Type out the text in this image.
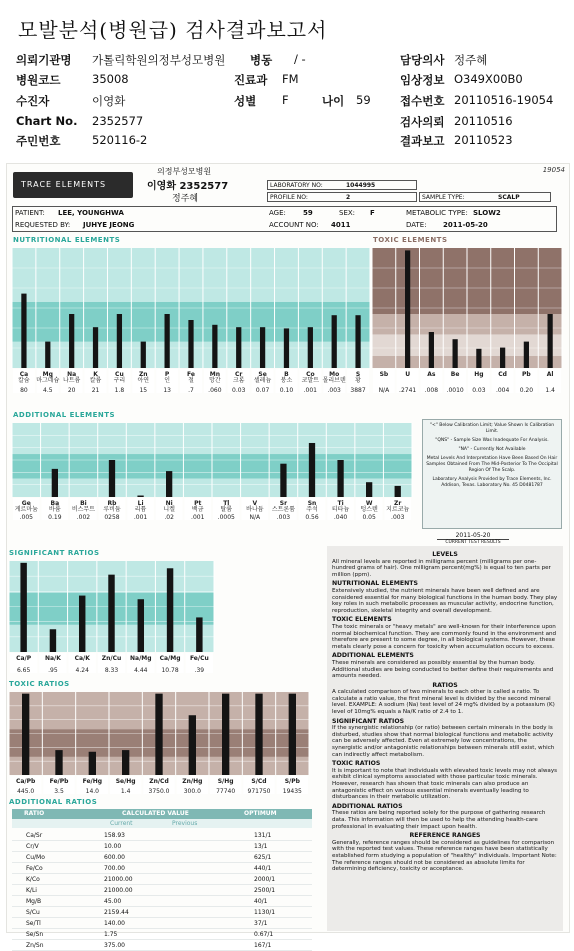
모발분석(병원급) 검사결과보고서
의뢰기관명 가톨릭학원의정부성모병원 병동 / -	담당의사 정주혜
병원코드	35008	진료과 FM	임상정보 O349X00B0
수진자	이영화	성별 F	나이 59	접수번호 20110516-19054
Chart No. 2352577	검사의뢰 20110516
주민번호	520116-2	결과보고 20110523
19054
TRACE ELEMENTS
의정부성모병원
이영화 2352577
정주혜
LABORATORY NO:	1044995
PROFILE NO:	2	SAMPLE TYPE:	SCALP
PATIENT: LEE, YOUNGHWA	AGE: 59	SEX: F	METABOLIC TYPE: SLOW2
REQUESTED BY: JUHYE JEONG	ACCOUNT NO: 4011	DATE: 2011-05-20
NUTRITIONAL ELEMENTS	TOXIC ELEMENTS
ADDITIONAL ELEMENTS
SIGNIFICANT RATIOS
TOXIC RATIOS
ADDITIONAL RATIOS
Ca
칼슘
80
Mg
마그네슘
4.5
Na
나트륨
20
K
칼륨
21
Cu
구리
1.8
Zn
아연
15
P
인
13
Fe
철
.7
Mn
망간
.060
Cr
크롬
0.03
Se
셀레늄
0.07
B
붕소
0.10
Co
코발트
.001
Mo
몰리브덴
.003
S
황
3887
Sb
N/A
U
.2741
As
.008
Be
.0010
Hg
0.03
Cd
.004
Pb
0.20
Al
1.4
Ge
게르마늄
.005
Ba
바륨
0.19
Bi
비스무트
.002
Rb
루비듐
0258
Li
리튬
.001
Ni
니켈
.02
Pt
백금
.001
Tl
탈륨
.0005
V
바나듐
N/A
Sr
스트론튬
.003
Sn
주석
0.56
Ti
티타늄
.040
W
텅스텐
0.05
Zr
지르코늄
.003
Ca/P
6.65
Na/K
.95
Ca/K
4.24
Zn/Cu
8.33
Na/Mg
4.44
Ca/Mg
10.78
Fe/Cu
.39
Ca/Pb
445.0
Fe/Pb
3.5
Fe/Hg
14.0
Se/Hg
1.4
Zn/Cd
3750.0
Zn/Hg
300.0
S/Hg
77740
S/Cd
971750
S/Pb
19435

"<" Below Calibration Limit; Value Shown Is Calibration Limit.

"QNS" - Sample Size Was Inadequate For Analysis.

"NA" - Currently Not Available

Metal Levels And Interpretation Have Been Based On Hair Samples Obtained From The Mid-Posterior To The Occipital Region Of The Scalp.

Laboratory Analysis Provided by Trace Elements, Inc. Addison, Texas. Laboratory No. 45 D0481787

2011-05-20
CURRENT TEST RESULTS
LEVELS

All mineral levels are reported in milligrams percent (milligrams per one-hundred grams of hair). One milligram percent(mg%) is equal to ten parts per million (ppm).

NUTRITIONAL ELEMENTS

Extensively studied, the nutrient minerals have been well defined and are considered essential for many biological functions in the human body. They play key roles in such metabolic processes as muscular activity, endocrine function, reproduction, skeletal integrity and overall development.

TOXIC ELEMENTS

The toxic minerals or "heavy metals" are well-known for their interference upon normal biochemical function. They are commonly found in the environment and therefore are present to some degree, in all biological systems. However, these metals clearly pose a concern for toxicity when accumulation occurs to excess.

ADDITIONAL ELEMENTS

These minerals are considered as possibly essential by the human body. Additional studies are being conducted to better define their requirements and amounts needed.

RATIOS

A calculated comparison of two minerals to each other is called a ratio. To calculate a ratio value, the first mineral level is divided by the second mineral level. EXAMPLE: A sodium (Na) test level of 24 mg% divided by a potassium (K) level of 10mg% equals a Na/K ratio of 2.4 to 1.

SIGNIFICANT RATIOS

If the synergistic relationship (or ratio) between certain minerals in the body is disturbed, studies show that normal biological functions and metabolic activity can be adversely affected. Even at extremely low concentrations, the synergistic and/or antagonistic relationships between minerals still exist, which can indirectly affect metabolism.

TOXIC RATIOS

It is important to note that individuals with elevated toxic levels may not always exhibit clinical symptoms associated with those particular toxic minerals. However, research has shown that toxic minerals can also produce an antagonistic effect on various essential minerals eventually leading to disturbances in their metabolic utilization.

ADDITIONAL RATIOS

These ratios are being reported solely for the purpose of gathering research data. This information will then be used to help the attending health-care professional in evaluating their impact upon health.

REFERENCE RANGES

Generally, reference ranges should be considered as guidelines for comparison with the reported test values. These reference ranges have been statistically established form studying a population of "healthy" individuals. Important Note: The reference ranges should not be considered as absolute limits for determining deficiency, toxicity or acceptance.

RATIO	CALCULATED VALUE	OPTIMUM
Current	Previous
Ca/Sr	158.93	131/1
Cr/V	10.00	13/1
Cu/Mo	600.00	625/1
Fe/Co	700.00	440/1
K/Co	21000.00	2000/1
K/Li	21000.00	2500/1
Mg/B	45.00	40/1
S/Cu	2159.44	1130/1
Se/Tl	140.00	37/1
Se/Sn	1.75	0.67/1
Zn/Sn	375.00	167/1
